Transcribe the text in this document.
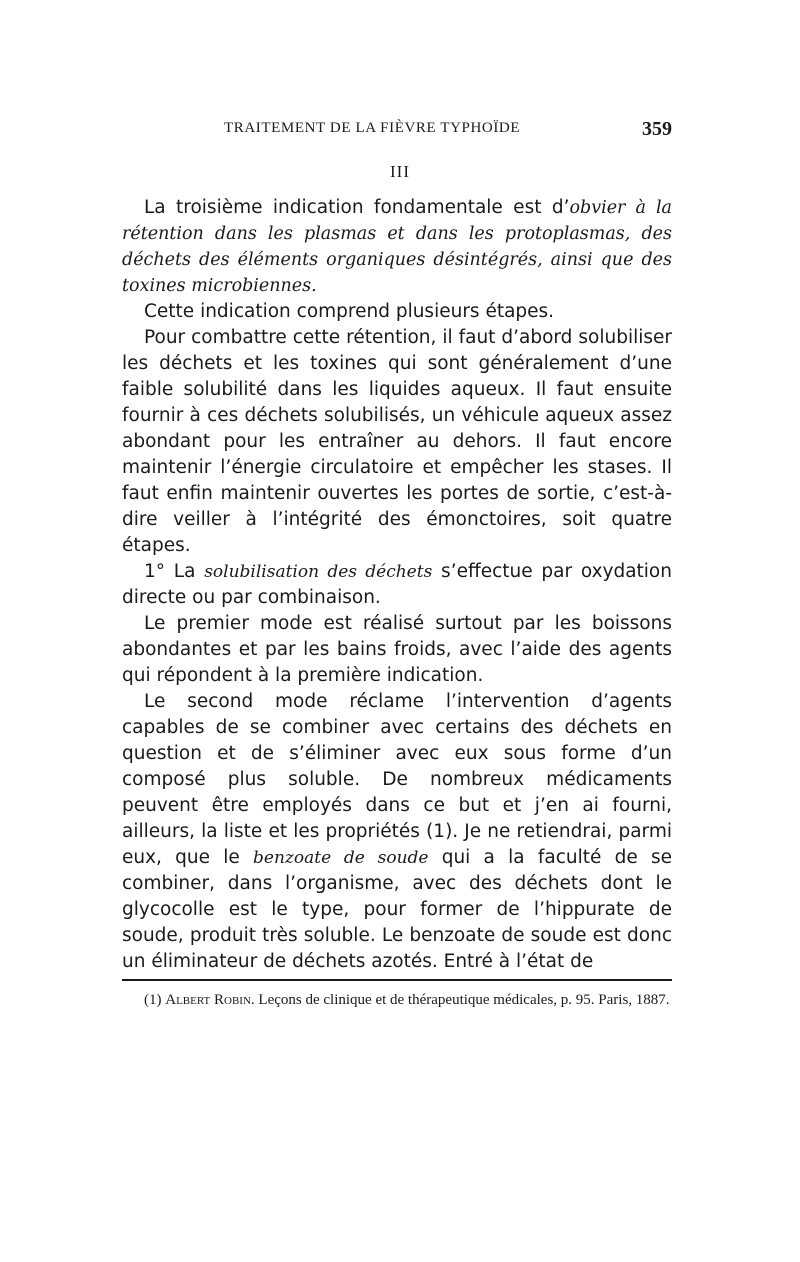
TRAITEMENT DE LA FIÈVRE TYPHOÏDE	359
III

La troisième indication fondamentale est d’obvier à la rétention dans les plasmas et dans les protoplasmas, des déchets des éléments organiques désintégrés, ainsi que des toxines microbiennes.

Cette indication comprend plusieurs étapes.

Pour combattre cette rétention, il faut d’abord solubiliser les déchets et les toxines qui sont généralement d’une faible solubilité dans les liquides aqueux. Il faut ensuite fournir à ces déchets solubilisés, un véhicule aqueux assez abondant pour les entraîner au dehors. Il faut encore maintenir l’énergie circulatoire et empêcher les stases. Il faut enfin maintenir ouvertes les portes de sortie, c’est-à-dire veiller à l’intégrité des émonctoires, soit quatre étapes.

1° La solubilisation des déchets s’effectue par oxydation directe ou par combinaison.

Le premier mode est réalisé surtout par les boissons abondantes et par les bains froids, avec l’aide des agents qui répondent à la première indication.

Le second mode réclame l’intervention d’agents capables de se combiner avec certains des déchets en question et de s’éliminer avec eux sous forme d’un composé plus soluble. De nombreux médicaments peuvent être employés dans ce but et j’en ai fourni, ailleurs, la liste et les propriétés (1). Je ne retiendrai, parmi eux, que le benzoate de soude qui a la faculté de se combiner, dans l’organisme, avec des déchets dont le glycocolle est le type, pour former de l’hippurate de soude, produit très soluble. Le benzoate de soude est donc un éliminateur de déchets azotés. Entré à l’état de

(1) Albert Robin. Leçons de clinique et de thérapeutique médicales, p. 95. Paris, 1887.
